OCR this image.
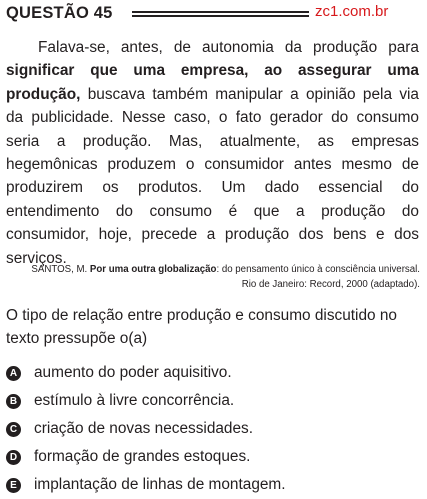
QUESTÃO 45	zc1.com.br

Falava-se, antes, de autonomia da produção para significar que uma empresa, ao assegurar uma produção, buscava também manipular a opinião pela via da publicidade. Nesse caso, o fato gerador do consumo seria a produção. Mas, atualmente, as empresas hegemônicas produzem o consumidor antes mesmo de produzirem os produtos. Um dado essencial do entendimento do consumo é que a produção do consumidor, hoje, precede a produção dos bens e dos serviços.

SANTOS, M. Por uma outra globalização: do pensamento único à consciência universal.
Rio de Janeiro: Record, 2000 (adaptado).

O tipo de relação entre produção e consumo discutido no texto pressupõe o(a)

A aumento do poder aquisitivo.
B estímulo à livre concorrência.
C criação de novas necessidades.
D formação de grandes estoques.
E implantação de linhas de montagem.
